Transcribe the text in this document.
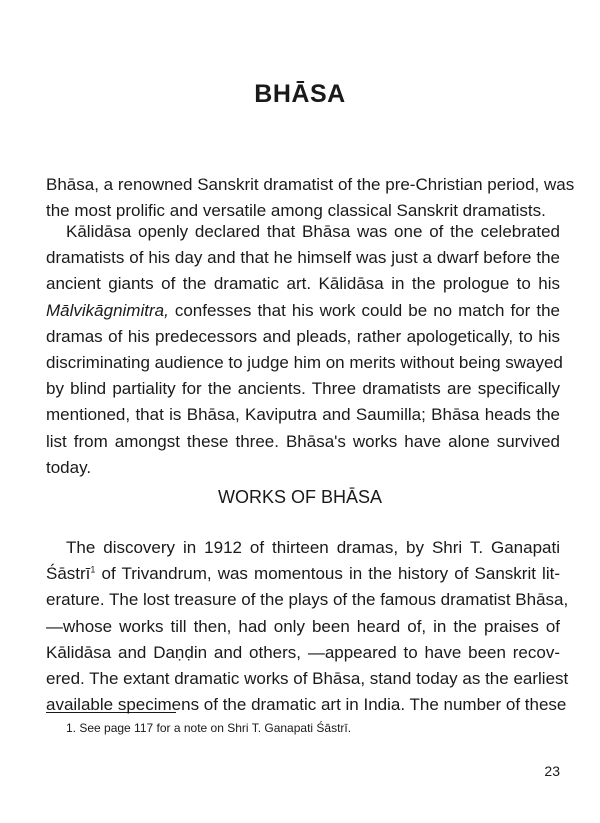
BHĀSA
Bhāsa, a renowned Sanskrit dramatist of the pre-Christian period, was
the most prolific and versatile among classical Sanskrit dramatists.
Kālidāsa openly declared that Bhāsa was one of the celebrated
dramatists of his day and that he himself was just a dwarf before the
ancient giants of the dramatic art. Kālidāsa in the prologue to his
Mālvikāgnimitra, confesses that his work could be no match for the
dramas of his predecessors and pleads, rather apologetically, to his
discriminating audience to judge him on merits without being swayed
by blind partiality for the ancients. Three dramatists are specifically
mentioned, that is Bhāsa, Kaviputra and Saumilla; Bhāsa heads the
list from amongst these three. Bhāsa's works have alone survived
today.
WORKS OF BHĀSA
The discovery in 1912 of thirteen dramas, by Shri T. Ganapati
Śāstrī$^1$ of Trivandrum, was momentous in the history of Sanskrit lit-
erature. The lost treasure of the plays of the famous dramatist Bhāsa,
—whose works till then, had only been heard of, in the praises of
Kālidāsa and Daṇḍin and others, —appeared to have been recov-
ered. The extant dramatic works of Bhāsa, stand today as the earliest
available specimens of the dramatic art in India. The number of these
1. See page 117 for a note on Shri T. Ganapati Śāstrī.
23
